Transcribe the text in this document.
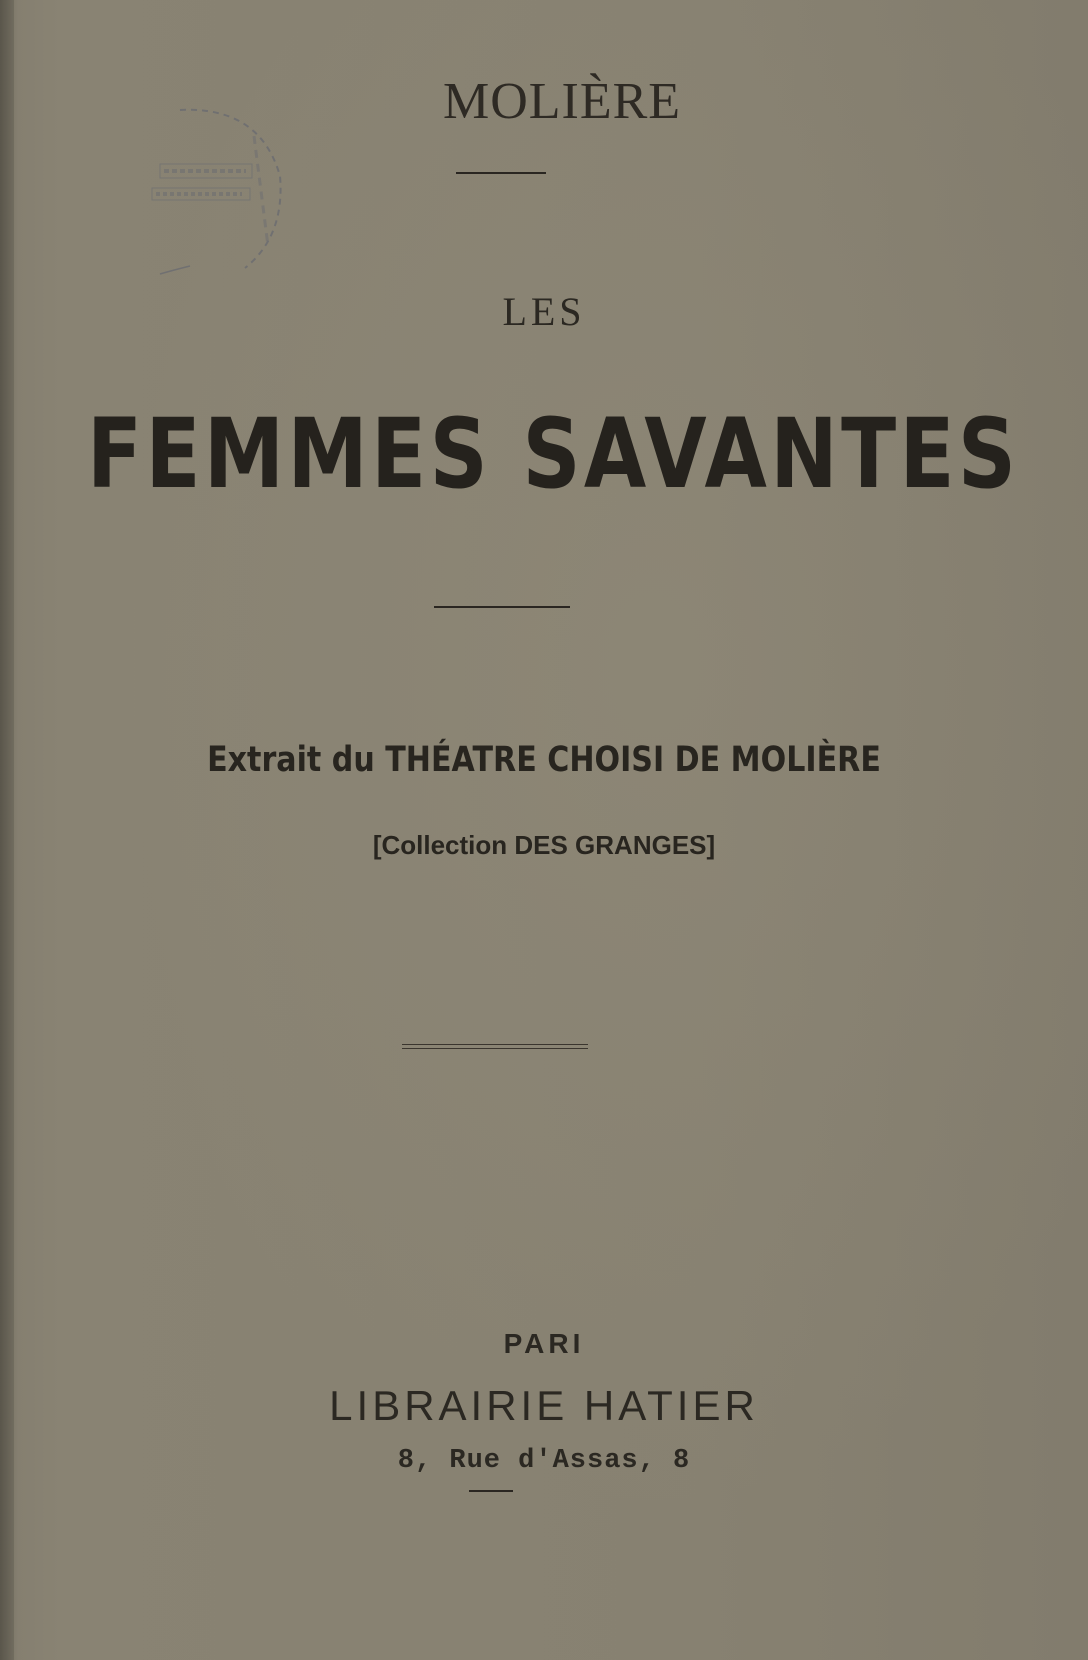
MOLIÈRE
LES
FEMMES SAVANTES
Extrait du THÉATRE CHOISI DE MOLIÈRE
[Collection DES GRANGES]
PARI
LIBRAIRIE HATIER
8, Rue d'Assas, 8
